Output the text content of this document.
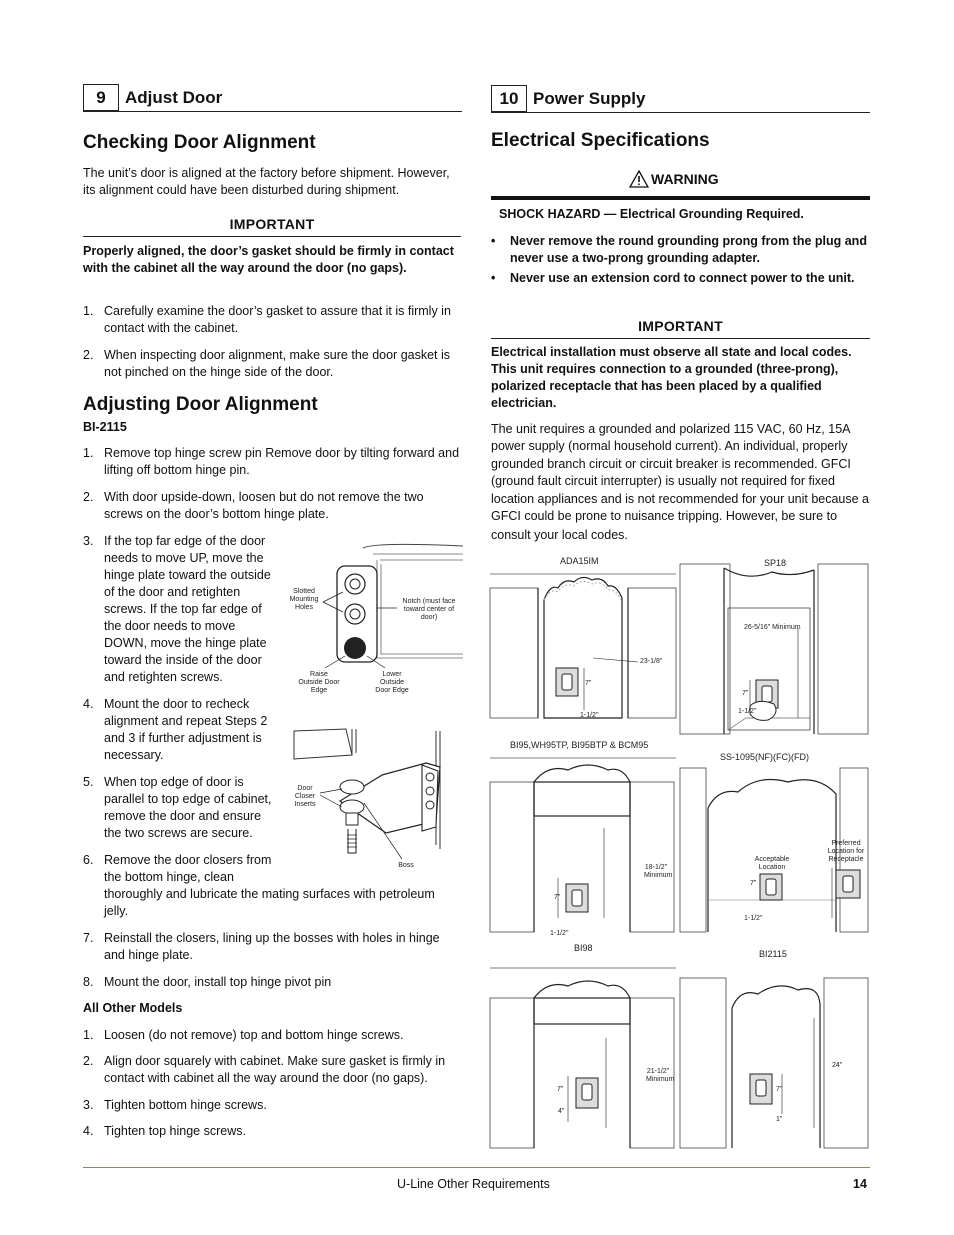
9	Adjust Door
Checking Door Alignment

The unit’s door is aligned at the factory before shipment. However, its alignment could have been disturbed during shipment.

IMPORTANT

Properly aligned, the door’s gasket should be firmly in contact with the cabinet all the way around the door (no gaps).

1. Carefully examine the door’s gasket to assure that it is firmly in contact with the cabinet.
2. When inspecting door alignment, make sure the door gasket is not pinched on the hinge side of the door.
Adjusting Door Alignment
BI-2115
1. Remove top hinge screw pin Remove door by tilting forward and lifting off bottom hinge pin.
2. With door upside-down, loosen but do not remove the two screws on the door’s bottom hinge plate.
3. If the top far edge of the door needs to move UP, move the hinge plate toward the outside of the door and retighten screws. If the top far edge of the door needs to move DOWN, move the hinge plate toward the inside of the door and retighten screws.
4. Mount the door to recheck alignment and repeat Steps 2 and 3 if further adjustment is necessary.
5. When top edge of door is parallel to top edge of cabinet, remove the door and ensure the two screws are secure.
6. Remove the door closers from the bottom hinge, clean
thoroughly and lubricate the mating surfaces with petroleum jelly.
7. Reinstall the closers, lining up the bosses with holes in hinge and hinge plate.
8. Mount the door, install top hinge pivot pin
All Other Models
1. Loosen (do not remove) top and bottom hinge screws.
2. Align door squarely with cabinet. Make sure gasket is firmly in contact with cabinet all the way around the door (no gaps).
3. Tighten bottom hinge screws.
4. Tighten top hinge screws.
Slotted Mounting Holes
Notch (must face toward center of door)
Raise Outside Door Edge
Lower Outside Door Edge
Door Closer Inserts
Boss
10 Power Supply
Electrical Specifications
WARNING
SHOCK HAZARD — Electrical Grounding Required.
• Never remove the round grounding prong from the plug and never use a two-prong grounding adapter.
• Never use an extension cord to connect power to the unit.
IMPORTANT

Electrical installation must observe all state and local codes. This unit requires connection to a grounded (three-prong), polarized receptacle that has been placed by a qualified electrician.

The unit requires a grounded and polarized 115 VAC, 60 Hz, 15A power supply (normal household current). An individual, properly grounded branch circuit or circuit breaker is recommended. GFCI (ground fault circuit interrupter) is usually not required for fixed location appliances and is not recommended for your unit because a GFCI could be prone to nuisance tripping. However, be sure to

consult your local codes.
ADA15IM
23-1/8"
7"
1-1/2"
SP18
26-5/16" Minimum
7"
1-1/2"
BI95,WH95TP, BI95BTP & BCM95
18-1/2" Minimum
7"
1-1/2"
SS-1095(NF)(FC)(FD)
Acceptable Location
Preferred Location for Receptacle
7"
1-1/2"
BI98
21-1/2" Minimum
7"
4"
BI2115
24"
7"
1"
U-Line Other Requirements	14
